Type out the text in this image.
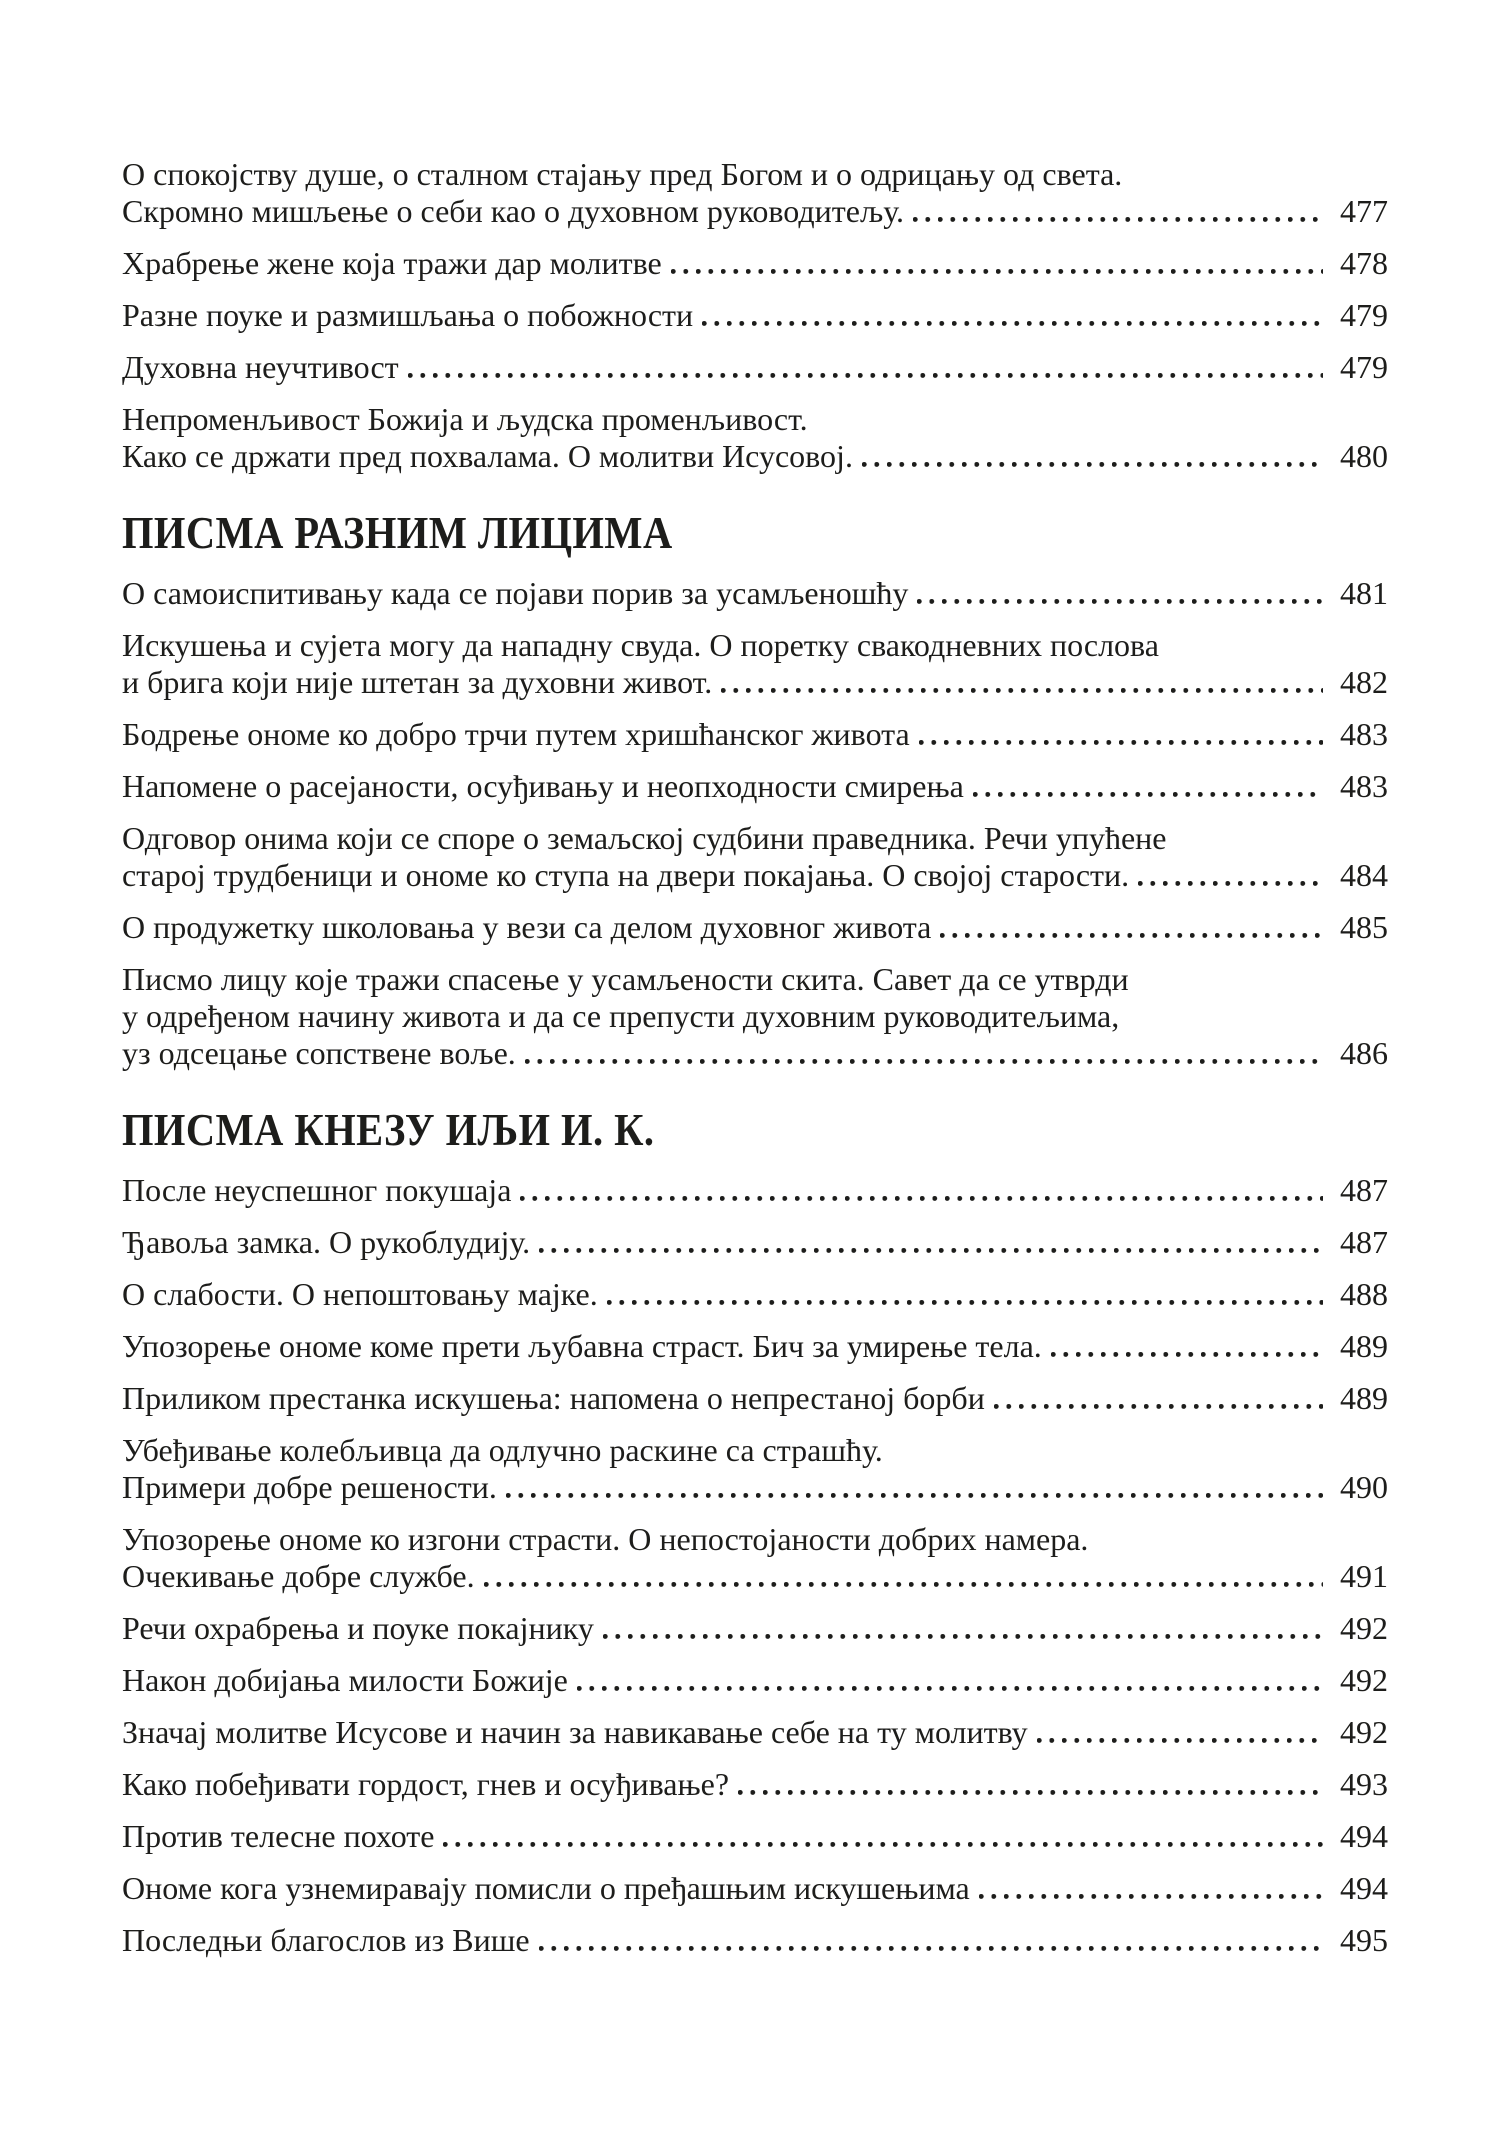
О спокојству душе, о сталном стајању пред Богом и о одрицању од света.
Скромно мишљење о себи као о духовном руководитељу.	477
Храбрење жене која тражи дар молитве	478
Разне поуке и размишљања о побожности	479
Духовна неучтивост	479
Непроменљивост Божија и људска променљивост.
Како се држати пред похвалама. О молитви Исусовој.	480
ПИСМА РАЗНИМ ЛИЦИМА
О самоиспитивању када се појави порив за усамљеношћу	481
Искушења и сујета могу да нападну свуда. О поретку свакодневних послова
и брига који није штетан за духовни живот.	482
Бодрење ономе ко добро трчи путем хришћанског живота	483
Напомене о расејаности, осуђивању и неопходности смирења	483
Одговор онима који се споре о земаљској судбини праведника. Речи упућене
старој трудбеници и ономе ко ступа на двери покајања. О својој старости.	484
О продужетку школовања у вези са делом духовног живота	485
Писмо лицу које тражи спасење у усамљености скита. Савет да се утврди
у одређеном начину живота и да се препусти духовним руководитељима,
уз одсецање сопствене воље.	486
ПИСМА КНЕЗУ ИЉИ И. К.
После неуспешног покушаја	487
Ђавоља замка. О рукоблудију.	487
О слабости. О непоштовању мајке.	488
Упозорење ономе коме прети љубавна страст. Бич за умирење тела.	489
Приликом престанка искушења: напомена о непрестаној борби	489
Убеђивање колебљивца да одлучно раскине са страшћу.
Примери добре решености.	490
Упозорење ономе ко изгони страсти. О непостојаности добрих намера.
Очекивање добре службе.	491
Речи охрабрења и поуке покајнику	492
Након добијања милости Божије	492
Значај молитве Исусове и начин за навикавање себе на ту молитву	492
Како побеђивати гордост, гнев и осуђивање?	493
Против телесне похоте	494
Ономе кога узнемиравају помисли о пређашњим искушењима	494
Последњи благослов из Више	495
